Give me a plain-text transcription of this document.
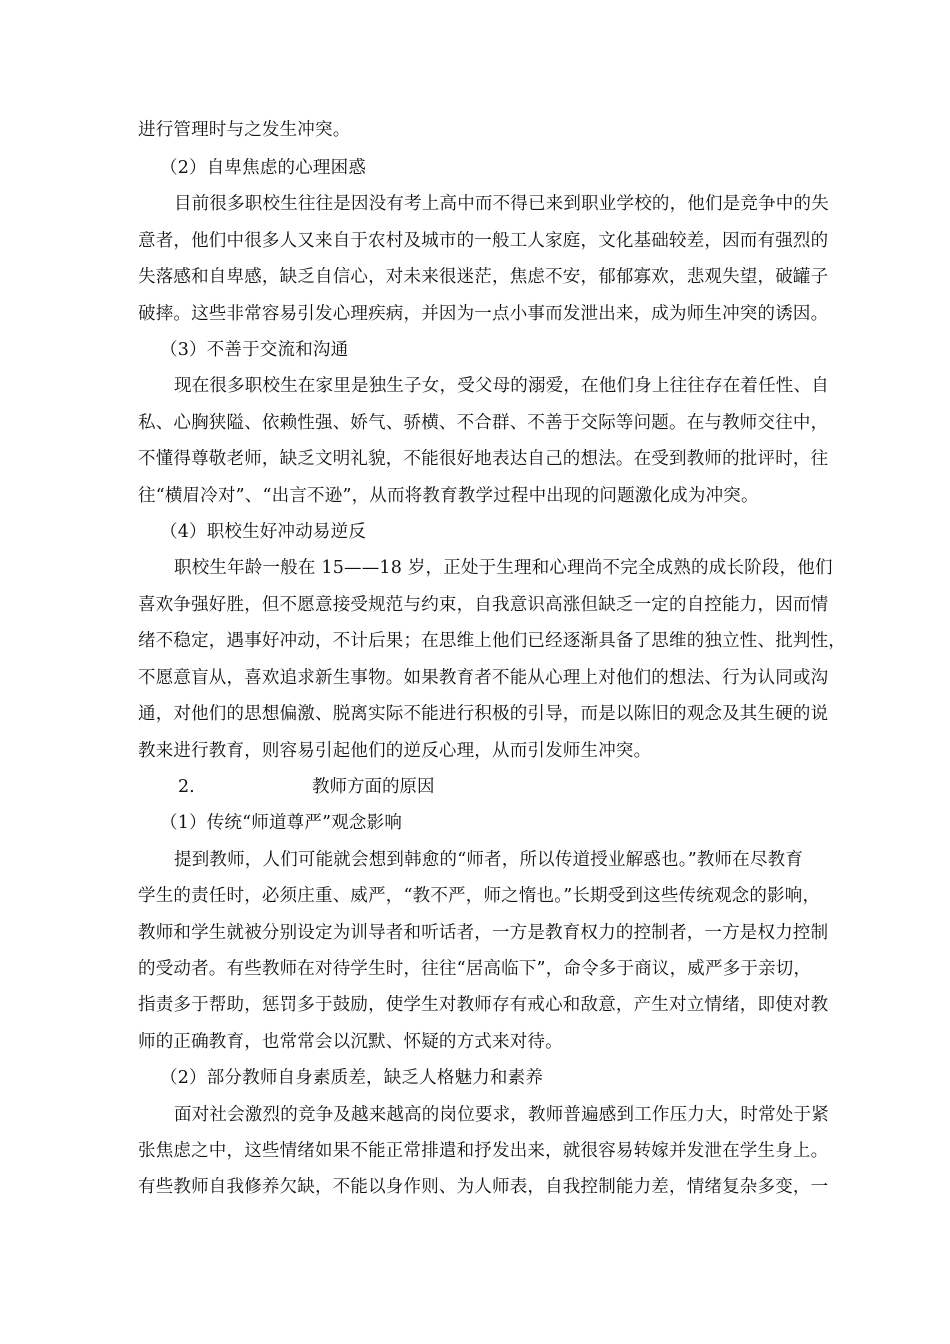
进行管理时与之发生冲突。
（2）自卑焦虑的心理困惑
目前很多职校生往往是因没有考上高中而不得已来到职业学校的，他们是竞争中的失
意者，他们中很多人又来自于农村及城市的一般工人家庭，文化基础较差，因而有强烈的
失落感和自卑感，缺乏自信心，对未来很迷茫，焦虑不安，郁郁寡欢，悲观失望，破罐子
破摔。这些非常容易引发心理疾病，并因为一点小事而发泄出来，成为师生冲突的诱因。
（3）不善于交流和沟通
现在很多职校生在家里是独生子女，受父母的溺爱，在他们身上往往存在着任性、自
私、心胸狭隘、依赖性强、娇气、骄横、不合群、不善于交际等问题。在与教师交往中，
不懂得尊敬老师，缺乏文明礼貌，不能很好地表达自己的想法。在受到教师的批评时，往
往“横眉冷对”、“出言不逊”，从而将教育教学过程中出现的问题激化成为冲突。
（4）职校生好冲动易逆反
职校生年龄一般在 15——18 岁，正处于生理和心理尚不完全成熟的成长阶段，他们
喜欢争强好胜，但不愿意接受规范与约束，自我意识高涨但缺乏一定的自控能力，因而情
绪不稳定，遇事好冲动，不计后果；在思维上他们已经逐渐具备了思维的独立性、批判性，
不愿意盲从，喜欢追求新生事物。如果教育者不能从心理上对他们的想法、行为认同或沟
通，对他们的思想偏激、脱离实际不能进行积极的引导，而是以陈旧的观念及其生硬的说
教来进行教育，则容易引起他们的逆反心理，从而引发师生冲突。
2.	教师方面的原因
（1）传统“师道尊严”观念影响
提到教师，人们可能就会想到韩愈的“师者，所以传道授业解惑也。”教师在尽教育
学生的责任时，必须庄重、威严，“教不严，师之惰也。”长期受到这些传统观念的影响，
教师和学生就被分别设定为训导者和听话者，一方是教育权力的控制者，一方是权力控制
的受动者。有些教师在对待学生时，往往“居高临下”，命令多于商议，威严多于亲切，
指责多于帮助，惩罚多于鼓励，使学生对教师存有戒心和敌意，产生对立情绪，即使对教
师的正确教育，也常常会以沉默、怀疑的方式来对待。
（2）部分教师自身素质差，缺乏人格魅力和素养
面对社会激烈的竞争及越来越高的岗位要求，教师普遍感到工作压力大，时常处于紧
张焦虑之中，这些情绪如果不能正常排遣和抒发出来，就很容易转嫁并发泄在学生身上。
有些教师自我修养欠缺，不能以身作则、为人师表，自我控制能力差，情绪复杂多变，一
